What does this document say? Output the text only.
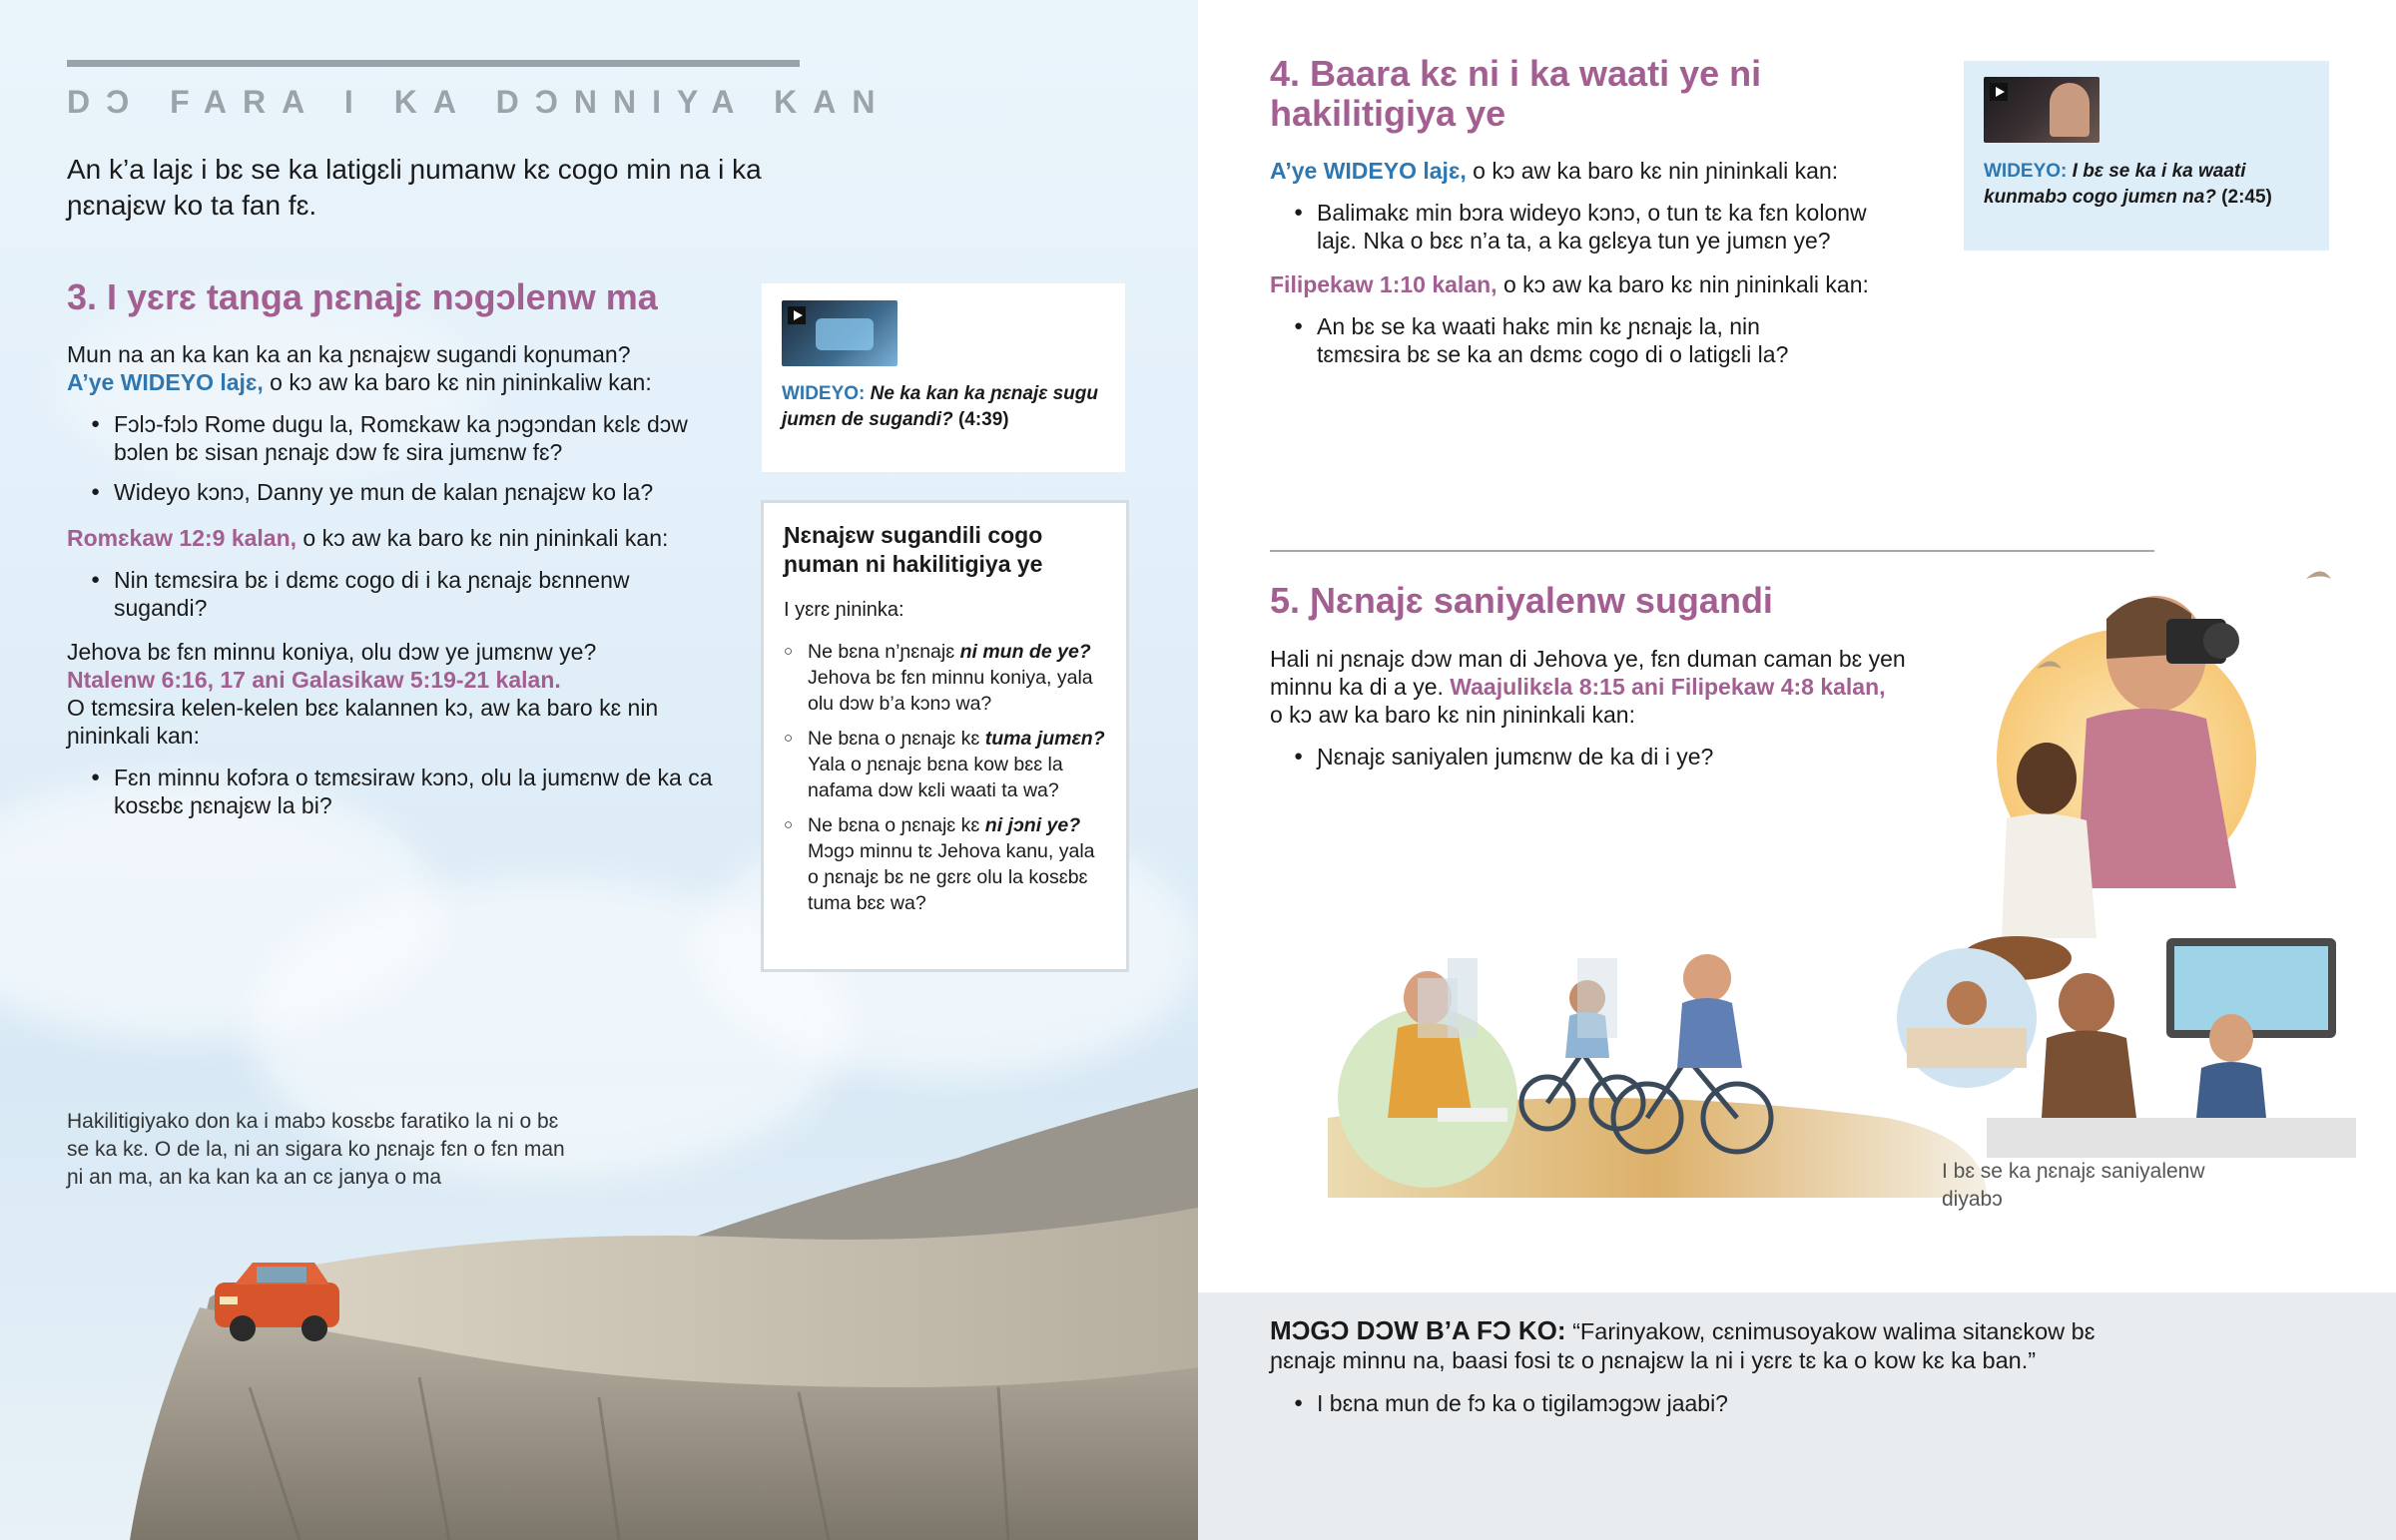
DƆ FARA I KA DƆNNIYA KAN
An k’a lajɛ i bɛ se ka latigɛli ɲumanw kɛ cogo min na i ka ɲɛnajɛw ko ta fan fɛ.
3. I yɛrɛ tanga ɲɛnajɛ nɔgɔlenw ma

Mun na an ka kan ka an ka ɲɛnajɛw sugandi koɲuman?

A’ye WIDEYO lajɛ, o kɔ aw ka baro kɛ nin ɲininkaliw kan:

● Fɔlɔ-fɔlɔ Rome dugu la, Romɛkaw ka ɲɔgɔndan kɛlɛ dɔw bɔlen bɛ sisan ɲɛnajɛ dɔw fɛ sira jumɛnw fɛ?
● Wideyo kɔnɔ, Danny ye mun de kalan ɲɛnajɛw ko la?

Romɛkaw 12:9 kalan, o kɔ aw ka baro kɛ nin ɲininkali kan:

● Nin tɛmɛsira bɛ i dɛmɛ cogo di i ka ɲɛnajɛ bɛnnenw sugandi?

Jehova bɛ fɛn minnu koniya, olu dɔw ye jumɛnw ye?

Ntalenw 6:16, 17 ani Galasikaw 5:19-21 kalan.

O tɛmɛsira kelen-kelen bɛɛ kalannen kɔ, aw ka baro kɛ nin ɲininkali kan:

● Fɛn minnu kofɔra o tɛmɛsiraw kɔnɔ, olu la jumɛnw de ka ca kosɛbɛ ɲɛnajɛw la bi?
WIDEYO: Ne ka kan ka ɲɛnajɛ sugu jumɛn de sugandi? (4:39)
Ɲɛnajɛw sugandili cogo ɲuman ni hakilitigiya ye
I yɛrɛ ɲininka:
○ Ne bɛna n’ɲɛnajɛ ni mun de ye? Jehova bɛ fɛn minnu koniya, yala olu dɔw b’a kɔnɔ wa?
○ Ne bɛna o ɲɛnajɛ kɛ tuma jumɛn? Yala o ɲɛnajɛ bɛna kow bɛɛ la nafama dɔw kɛli waati ta wa?
○ Ne bɛna o ɲɛnajɛ kɛ ni jɔni ye? Mɔgɔ minnu tɛ Jehova kanu, yala o ɲɛnajɛ bɛ ne gɛrɛ olu la kosɛbɛ tuma bɛɛ wa?
Hakilitigiyako don ka i mabɔ kosɛbɛ faratiko la ni o bɛ se ka kɛ. O de la, ni an sigara ko ɲɛnajɛ fɛn o fɛn man ɲi an ma, an ka kan ka an cɛ janya o ma
4. Baara kɛ ni i ka waati ye ni hakilitigiya ye

A’ye WIDEYO lajɛ, o kɔ aw ka baro kɛ nin ɲininkali kan:

● Balimakɛ min bɔra wideyo kɔnɔ, o tun tɛ ka fɛn kolonw lajɛ. Nka o bɛɛ n’a ta, a ka gɛlɛya tun ye jumɛn ye?

Filipekaw 1:10 kalan, o kɔ aw ka baro kɛ nin ɲininkali kan:

● An bɛ se ka waati hakɛ min kɛ ɲɛnajɛ la, nin tɛmɛsira bɛ se ka an dɛmɛ cogo di o latigɛli la?
WIDEYO: I bɛ se ka i ka waati kunmabɔ cogo jumɛn na? (2:45)
5. Ɲɛnajɛ saniyalenw sugandi

Hali ni ɲɛnajɛ dɔw man di Jehova ye, fɛn duman caman bɛ yen minnu ka di a ye. Waajulikɛla 8:15 ani Filipekaw 4:8 kalan,

o kɔ aw ka baro kɛ nin ɲininkali kan:

● Ɲɛnajɛ saniyalen jumɛnw de ka di i ye?
I bɛ se ka ɲɛnajɛ saniyalenw diyabɔ

MƆGƆ DƆW B’A FƆ KO: “Farinyakow, cɛnimusoyakow walima sitanɛkow bɛ ɲɛnajɛ minnu na, baasi fosi tɛ o ɲɛnajɛw la ni i yɛrɛ tɛ ka o kow kɛ ka ban.”

● I bɛna mun de fɔ ka o tigilamɔgɔw jaabi?
